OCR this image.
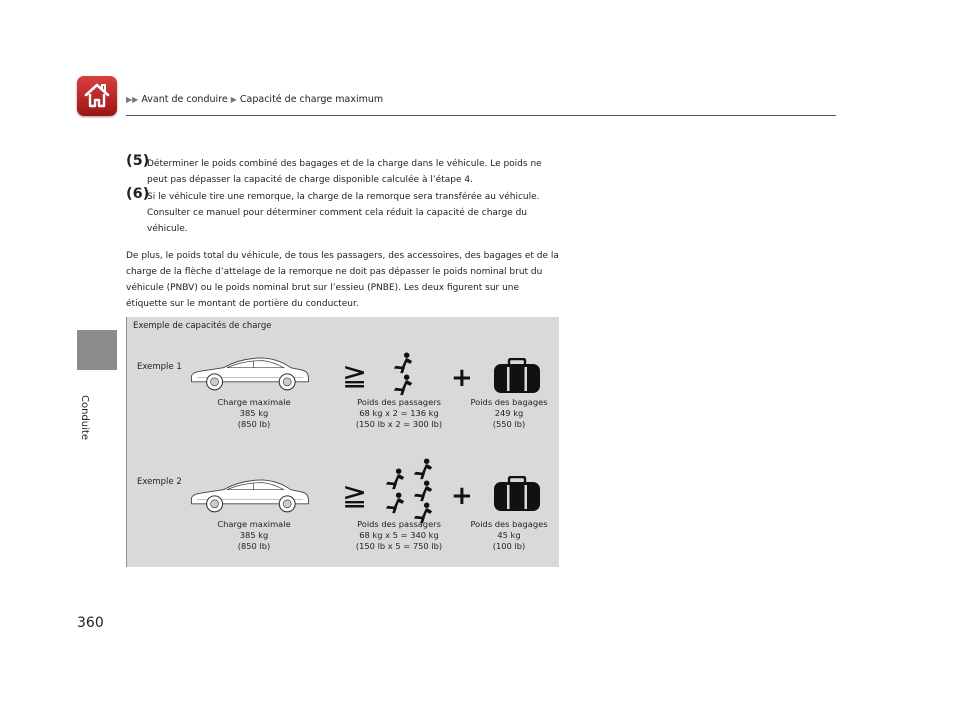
▶▶ Avant de conduire ▶ Capacité de charge maximum
Conduite
(5)
Déterminer le poids combiné des bagages et de la charge dans le véhicule. Le poids ne
peut pas dépasser la capacité de charge disponible calculée à l’étape 4.
(6)
Si le véhicule tire une remorque, la charge de la remorque sera transférée au véhicule.
Consulter ce manuel pour déterminer comment cela réduit la capacité de charge du
véhicule.
De plus, le poids total du véhicule, de tous les passagers, des accessoires, des bagages et de la
charge de la flèche d’attelage de la remorque ne doit pas dépasser le poids nominal brut du
véhicule (PNBV) ou le poids nominal brut sur l’essieu (PNBE). Les deux figurent sur une
étiquette sur le montant de portière du conducteur.
Exemple de capacités de charge
Exemple 1	≧	+
Charge maximale
385 kg
(850 lb)
Poids des passagers
68 kg x 2 = 136 kg
(150 lb x 2 = 300 lb)
Poids des bagages
249 kg
(550 lb)
Exemple 2	≧	+
Charge maximale
385 kg
(850 lb)
Poids des passagers
68 kg x 5 = 340 kg
(150 lb x 5 = 750 lb)
Poids des bagages
45 kg
(100 lb)
360
